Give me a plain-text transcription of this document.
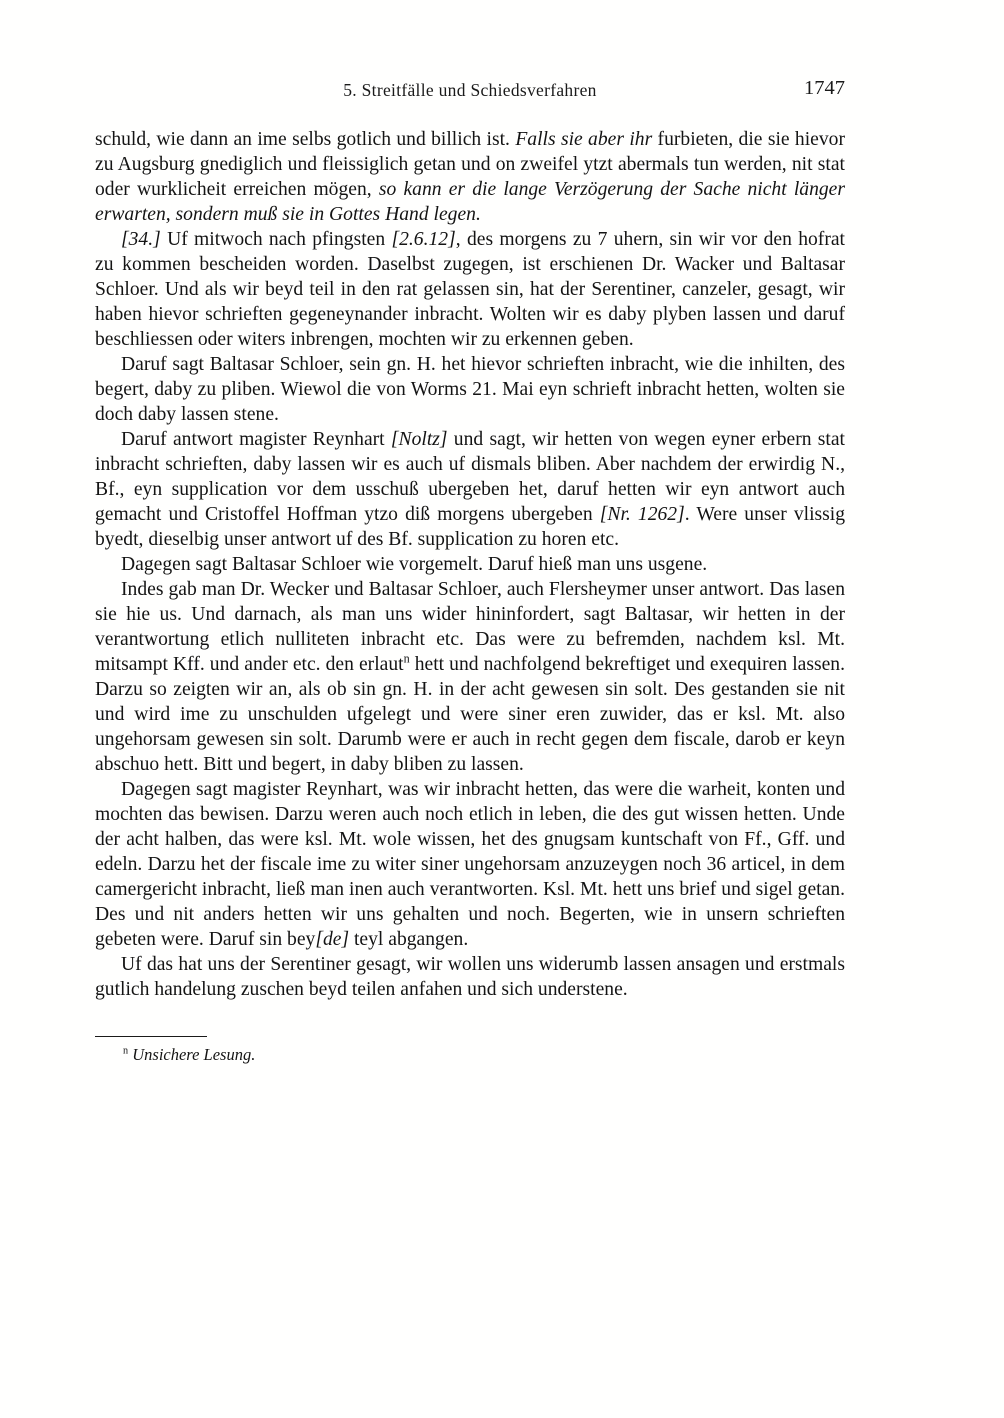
5. Streitfälle und Schiedsverfahren	1747

schuld, wie dann an ime selbs gotlich und billich ist. Falls sie aber ihr furbieten, die sie hievor zu Augsburg gnediglich und fleissiglich getan und on zweifel ytzt abermals tun werden, nit stat oder wurklicheit erreichen mögen, so kann er die lange Verzögerung der Sache nicht länger erwarten, sondern muß sie in Gottes Hand legen.

[34.] Uf mitwoch nach pfingsten [2.6.12], des morgens zu 7 uhern, sin wir vor den hofrat zu kommen bescheiden worden. Daselbst zugegen, ist erschienen Dr. Wacker und Baltasar Schloer. Und als wir beyd teil in den rat gelassen sin, hat der Serentiner, canzeler, gesagt, wir haben hievor schrieften gegeneynander inbracht. Wolten wir es daby plyben lassen und daruf beschliessen oder witers inbrengen, mochten wir zu erkennen geben.

Daruf sagt Baltasar Schloer, sein gn. H. het hievor schrieften inbracht, wie die inhilten, des begert, daby zu pliben. Wiewol die von Worms 21. Mai eyn schrieft inbracht hetten, wolten sie doch daby lassen stene.

Daruf antwort magister Reynhart [Noltz] und sagt, wir hetten von wegen eyner erbern stat inbracht schrieften, daby lassen wir es auch uf dismals bliben. Aber nachdem der erwirdig N., Bf., eyn supplication vor dem usschuß ubergeben het, daruf hetten wir eyn antwort auch gemacht und Cristoffel Hoffman ytzo diß morgens ubergeben [Nr. 1262]. Were unser vlissig byedt, dieselbig unser antwort uf des Bf. supplication zu horen etc.

Dagegen sagt Baltasar Schloer wie vorgemelt. Daruf hieß man uns usgene.

Indes gab man Dr. Wecker und Baltasar Schloer, auch Flersheymer unser antwort. Das lasen sie hie us. Und darnach, als man uns wider hininfordert, sagt Baltasar, wir hetten in der verantwortung etlich nulliteten inbracht etc. Das were zu befremden, nachdem ksl. Mt. mitsampt Kff. und ander etc. den erlaut$^n$ hett und nachfolgend bekreftiget und exequiren lassen. Darzu so zeigten wir an, als ob sin gn. H. in der acht gewesen sin solt. Des gestanden sie nit und wird ime zu unschulden ufgelegt und were siner eren zuwider, das er ksl. Mt. also ungehorsam gewesen sin solt. Darumb were er auch in recht gegen dem fiscale, darob er keyn abschuo hett. Bitt und begert, in daby bliben zu lassen.

Dagegen sagt magister Reynhart, was wir inbracht hetten, das were die warheit, konten und mochten das bewisen. Darzu weren auch noch etlich in leben, die des gut wissen hetten. Unde der acht halben, das were ksl. Mt. wole wissen, het des gnugsam kuntschaft von Ff., Gff. und edeln. Darzu het der fiscale ime zu witer siner ungehorsam anzuzeygen noch 36 articel, in dem camergericht inbracht, ließ man inen auch verantworten. Ksl. Mt. hett uns brief und sigel getan. Des und nit anders hetten wir uns gehalten und noch. Begerten, wie in unsern schrieften gebeten were. Daruf sin bey[de] teyl abgangen.

Uf das hat uns der Serentiner gesagt, wir wollen uns widerumb lassen ansagen und erstmals gutlich handelung zuschen beyd teilen anfahen und sich understene.

$^n$ Unsichere Lesung.
